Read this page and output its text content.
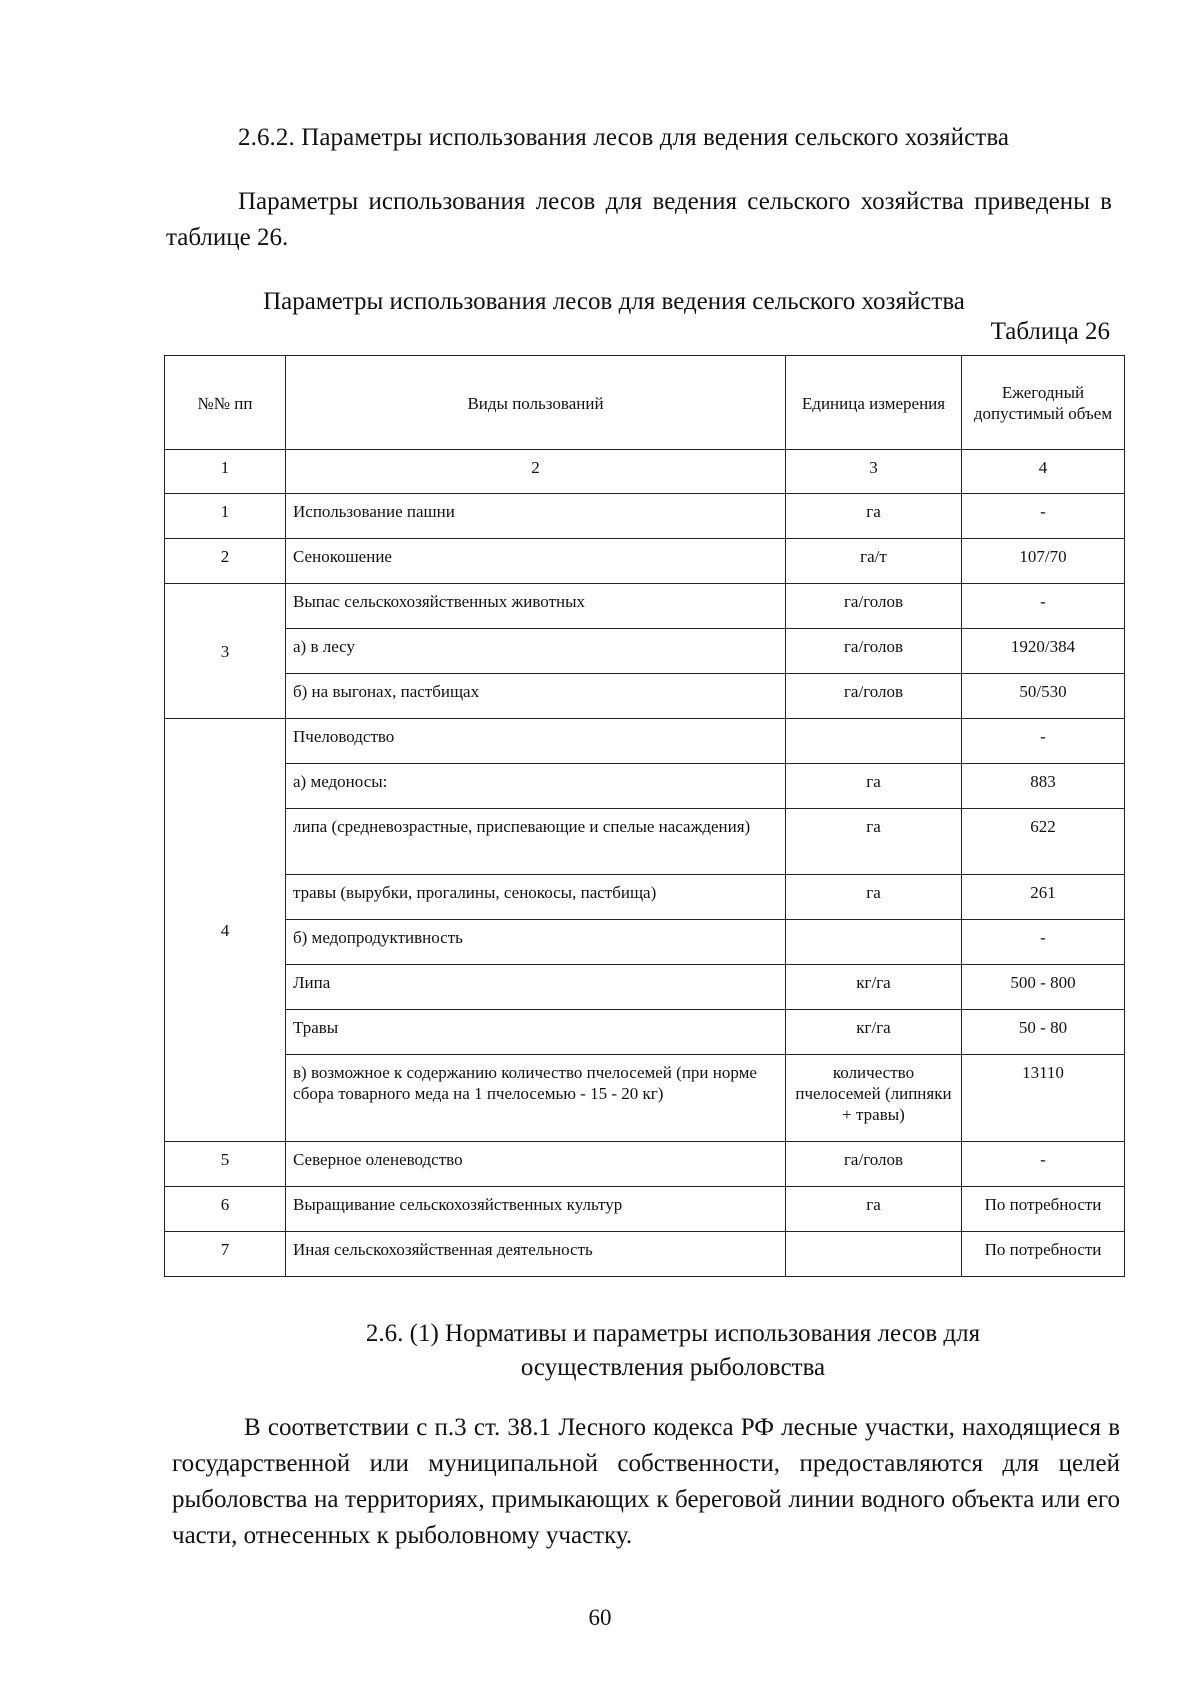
2.6.2. Параметры использования лесов для ведения сельского хозяйства

Параметры использования лесов для ведения сельского хозяйства приведены в таблице 26.

Параметры использования лесов для ведения сельского хозяйства
Таблица 26
№№ пп	Виды пользований	Единица измерения	Ежегодный допустимый объем
1	2	3	4
1	Использование пашни	га	-
2	Сенокошение	га/т	107/70
3	Выпас сельскохозяйственных животных	га/голов	-
	а) в лесу	га/голов	1920/384
	б) на выгонах, пастбищах	га/голов	50/530
4	Пчеловодство		-
	а) медоносы:	га	883
	липа (средневозрастные, приспевающие и спелые насаждения)	га	622
	травы (вырубки, прогалины, сенокосы, пастбища)	га	261
	б) медопродуктивность		-
	Липа	кг/га	500 - 800
	Травы	кг/га	50 - 80
	в) возможное к содержанию количество пчелосемей (при норме сбора товарного меда на 1 пчелосемью - 15 - 20 кг)	количество пчелосемей (липняки + травы)	13110
5	Северное оленеводство	га/голов	-
6	Выращивание сельскохозяйственных культур	га	По потребности
7	Иная сельскохозяйственная деятельность		По потребности
2.6. (1) Нормативы и параметры использования лесов для
осуществления рыболовства

В соответствии с п.3 ст. 38.1 Лесного кодекса РФ лесные участки, находящиеся в государственной или муниципальной собственности, предоставляются для целей рыболовства на территориях, примыкающих к береговой линии водного объекта или его части, отнесенных к рыболовному участку.

60
